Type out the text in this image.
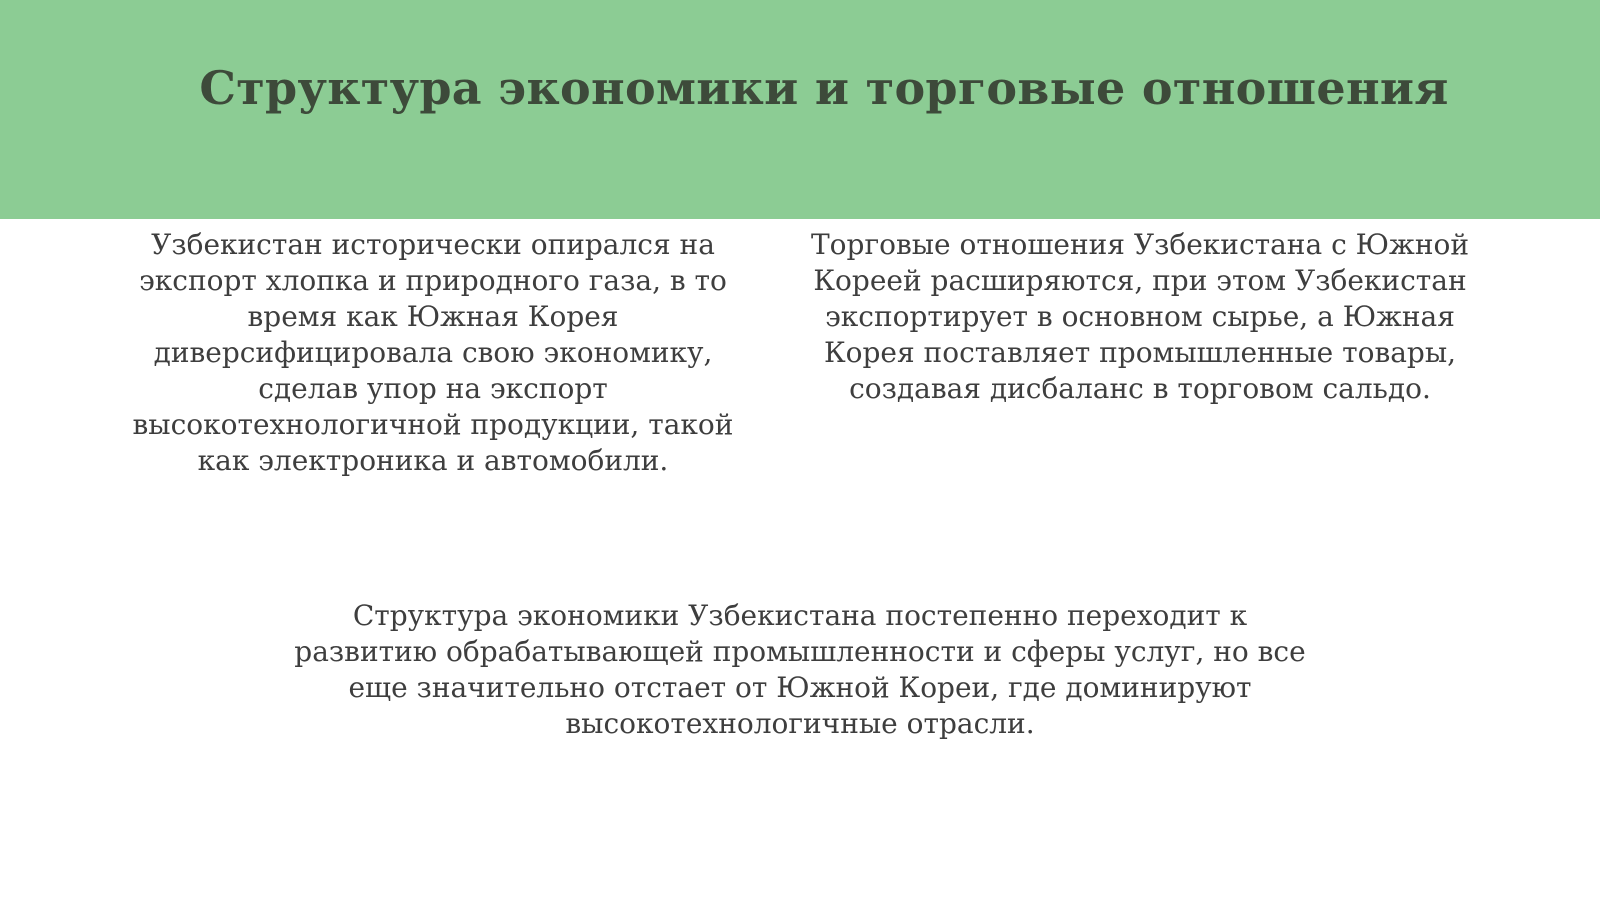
Структура экономики и торговые отношения

Узбекистан исторически опирался на экспорт хлопка и природного газа, в то время как Южная Корея диверсифицировала свою экономику, сделав упор на экспорт высокотехнологичной продукции, такой как электроника и автомобили.

Торговые отношения Узбекистана с Южной Кореей расширяются, при этом Узбекистан экспортирует в основном сырье, а Южная Корея поставляет промышленные товары, создавая дисбаланс в торговом сальдо.

Структура экономики Узбекистана постепенно переходит к развитию обрабатывающей промышленности и сферы услуг, но все еще значительно отстает от Южной Кореи, где доминируют высокотехнологичные отрасли.
